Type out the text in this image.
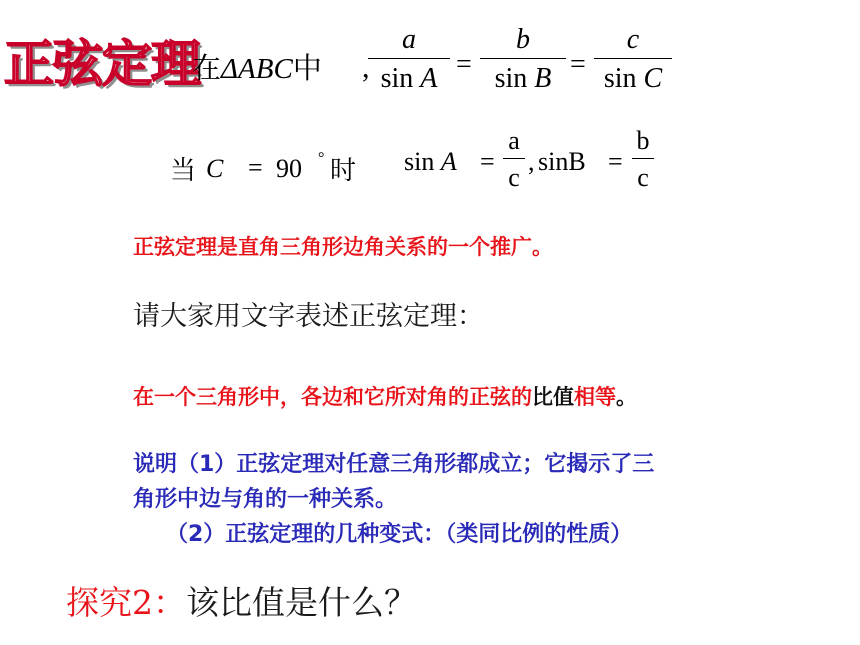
正弦定理
在ΔABC中 ,
a
sin A =
b
sin B =
c
sin C
当 C = 90 ° 时 sin A =
a
c
, sinB =
b
c
正弦定理是直角三角形边角关系的一个推广。
请大家用文字表述正弦定理：
在一个三角形中，各边和它所对角的正弦的比值相等。
说明（1）正弦定理对任意三角形都成立；它揭示了三
角形中边与角的一种关系。
（2）正弦定理的几种变式：（类同比例的性质）
探究2：该比值是什么？
